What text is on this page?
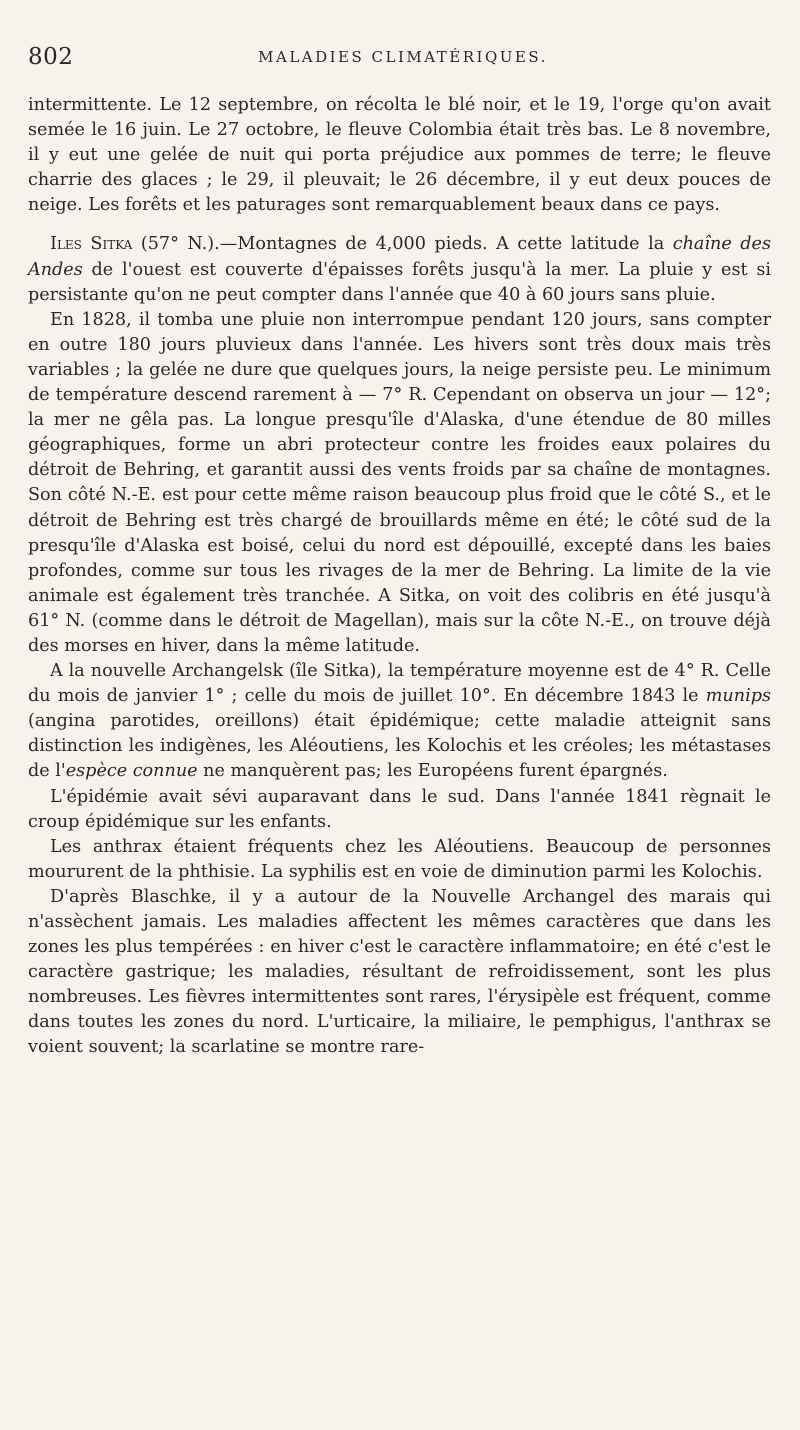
802	MALADIES CLIMATÉRIQUES.

intermittente. Le 12 septembre, on récolta le blé noir, et le 19, l'orge qu'on avait semée le 16 juin. Le 27 octobre, le fleuve Colombia était très bas. Le 8 novembre, il y eut une gelée de nuit qui porta préjudice aux pommes de terre; le fleuve charrie des glaces ; le 29, il pleuvait; le 26 décembre, il y eut deux pouces de neige. Les forêts et les paturages sont remarquablement beaux dans ce pays.

Iles Sitka (57° N.).—Montagnes de 4,000 pieds. A cette latitude la chaîne des Andes de l'ouest est couverte d'épaisses forêts jusqu'à la mer. La pluie y est si persistante qu'on ne peut compter dans l'année que 40 à 60 jours sans pluie.

En 1828, il tomba une pluie non interrompue pendant 120 jours, sans compter en outre 180 jours pluvieux dans l'année. Les hivers sont très doux mais très variables ; la gelée ne dure que quelques jours, la neige persiste peu. Le minimum de température descend rarement à — 7° R. Cependant on observa un jour — 12°; la mer ne gêla pas. La longue presqu'île d'Alaska, d'une étendue de 80 milles géographiques, forme un abri protecteur contre les froides eaux polaires du détroit de Behring, et garantit aussi des vents froids par sa chaîne de montagnes. Son côté N.-E. est pour cette même raison beaucoup plus froid que le côté S., et le détroit de Behring est très chargé de brouillards même en été; le côté sud de la presqu'île d'Alaska est boisé, celui du nord est dépouillé, excepté dans les baies profondes, comme sur tous les rivages de la mer de Behring. La limite de la vie animale est également très tranchée. A Sitka, on voit des colibris en été jusqu'à 61° N. (comme dans le détroit de Magellan), mais sur la côte N.-E., on trouve déjà des morses en hiver, dans la même latitude.

A la nouvelle Archangelsk (île Sitka), la température moyenne est de 4° R. Celle du mois de janvier 1° ; celle du mois de juillet 10°. En décembre 1843 le munips (angina parotides, oreillons) était épidémique; cette maladie atteignit sans distinction les indigènes, les Aléoutiens, les Kolochis et les créoles; les métastases de l'espèce connue ne manquèrent pas; les Européens furent épargnés.

L'épidémie avait sévi auparavant dans le sud. Dans l'année 1841 règnait le croup épidémique sur les enfants.

Les anthrax étaient fréquents chez les Aléoutiens. Beaucoup de personnes moururent de la phthisie. La syphilis est en voie de diminution parmi les Kolochis.

D'après Blaschke, il y a autour de la Nouvelle Archangel des marais qui n'assèchent jamais. Les maladies affectent les mêmes caractères que dans les zones les plus tempérées : en hiver c'est le caractère inflammatoire; en été c'est le caractère gastrique; les maladies, résultant de refroidissement, sont les plus nombreuses. Les fièvres intermittentes sont rares, l'érysipèle est fréquent, comme dans toutes les zones du nord. L'urticaire, la miliaire, le pemphigus, l'anthrax se voient souvent; la scarlatine se montre rare-
